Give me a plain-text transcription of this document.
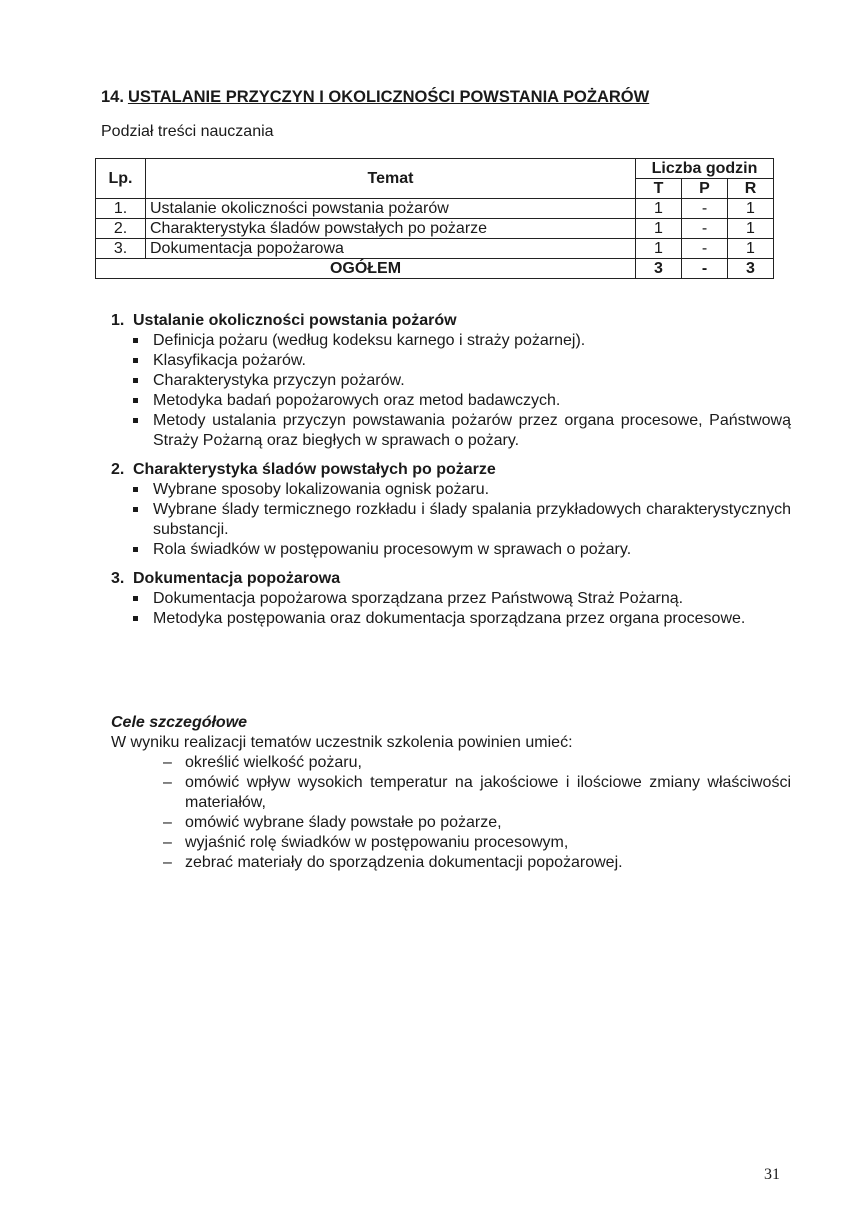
14. USTALANIE PRZYCZYN I OKOLICZNOŚCI POWSTANIA POŻARÓW
Podział treści nauczania
Lp.	Temat	Liczba godzin		
		T	P	R
1.	Ustalanie okoliczności powstania pożarów	1	-	1
2.	Charakterystyka śladów powstałych po pożarze	1	-	1
3.	Dokumentacja popożarowa	1	-	1
OGÓŁEM		3	-	3
1. Ustalanie okoliczności powstania pożarów
Definicja pożaru (według kodeksu karnego i straży pożarnej).
Klasyfikacja pożarów.
Charakterystyka przyczyn pożarów.
Metodyka badań popożarowych oraz metod badawczych.
Metody ustalania przyczyn powstawania pożarów przez organa procesowe, Państwową Straży Pożarną oraz biegłych w sprawach o pożary.
2. Charakterystyka śladów powstałych po pożarze
Wybrane sposoby lokalizowania ognisk pożaru.
Wybrane ślady termicznego rozkładu i ślady spalania przykładowych charakterystycznych substancji.
Rola świadków w postępowaniu procesowym w sprawach o pożary.
3. Dokumentacja popożarowa
Dokumentacja popożarowa sporządzana przez Państwową Straż Pożarną.
Metodyka postępowania oraz dokumentacja sporządzana przez organa procesowe.
Cele szczegółowe
W wyniku realizacji tematów uczestnik szkolenia powinien umieć:
– określić wielkość pożaru,
– omówić wpływ wysokich temperatur na jakościowe i ilościowe zmiany właściwości materiałów,
– omówić wybrane ślady powstałe po pożarze,
– wyjaśnić rolę świadków w postępowaniu procesowym,
– zebrać materiały do sporządzenia dokumentacji popożarowej.
31
